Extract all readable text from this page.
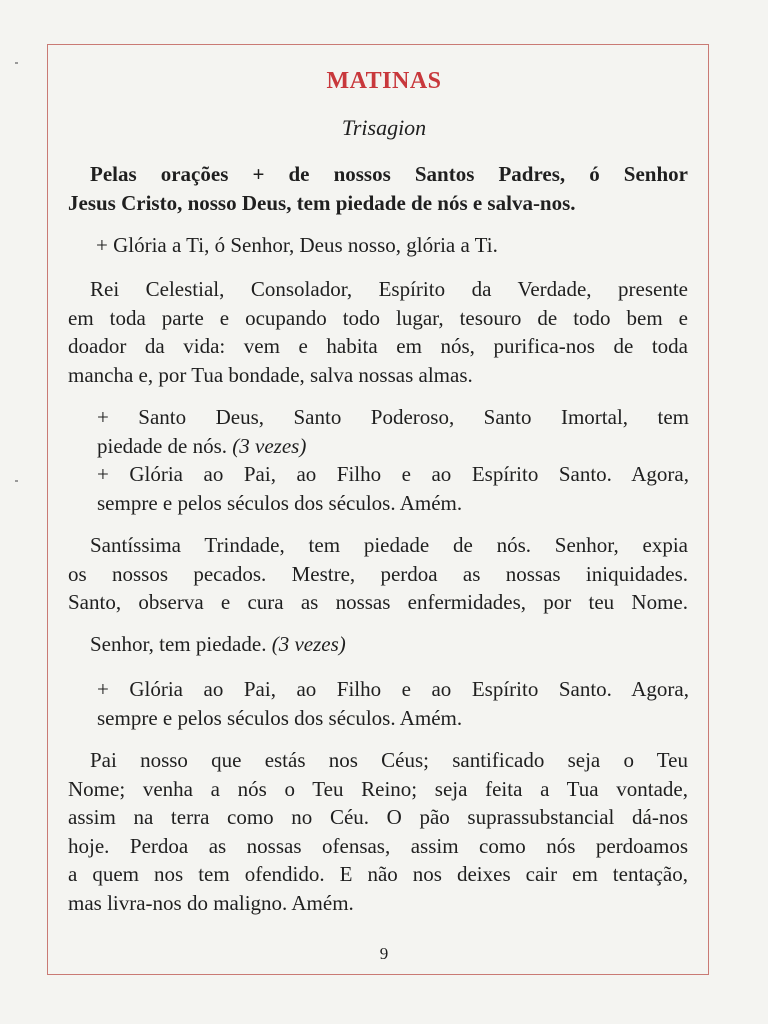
MATINAS
Trisagion

Pelas orações + de nossos Santos Padres, ó Senhor
Jesus Cristo, nosso Deus, tem piedade de nós e salva-nos.

+ Glória a Ti, ó Senhor, Deus nosso, glória a Ti.

Rei Celestial, Consolador, Espírito da Verdade, presente
em toda parte e ocupando todo lugar, tesouro de todo bem e
doador da vida: vem e habita em nós, purifica-nos de toda
mancha e, por Tua bondade, salva nossas almas.

+ Santo Deus, Santo Poderoso, Santo Imortal, tem
piedade de nós. (3 vezes)
+ Glória ao Pai, ao Filho e ao Espírito Santo. Agora,
sempre e pelos séculos dos séculos. Amém.

Santíssima Trindade, tem piedade de nós. Senhor, expia
os nossos pecados. Mestre, perdoa as nossas iniquidades.
Santo, observa e cura as nossas enfermidades, por teu Nome.

Senhor, tem piedade. (3 vezes)

+ Glória ao Pai, ao Filho e ao Espírito Santo. Agora,
sempre e pelos séculos dos séculos. Amém.

Pai nosso que estás nos Céus; santificado seja o Teu
Nome; venha a nós o Teu Reino; seja feita a Tua vontade,
assim na terra como no Céu. O pão suprassubstancial dá-nos
hoje. Perdoa as nossas ofensas, assim como nós perdoamos
a quem nos tem ofendido. E não nos deixes cair em tentação,
mas livra-nos do maligno. Amém.

9
